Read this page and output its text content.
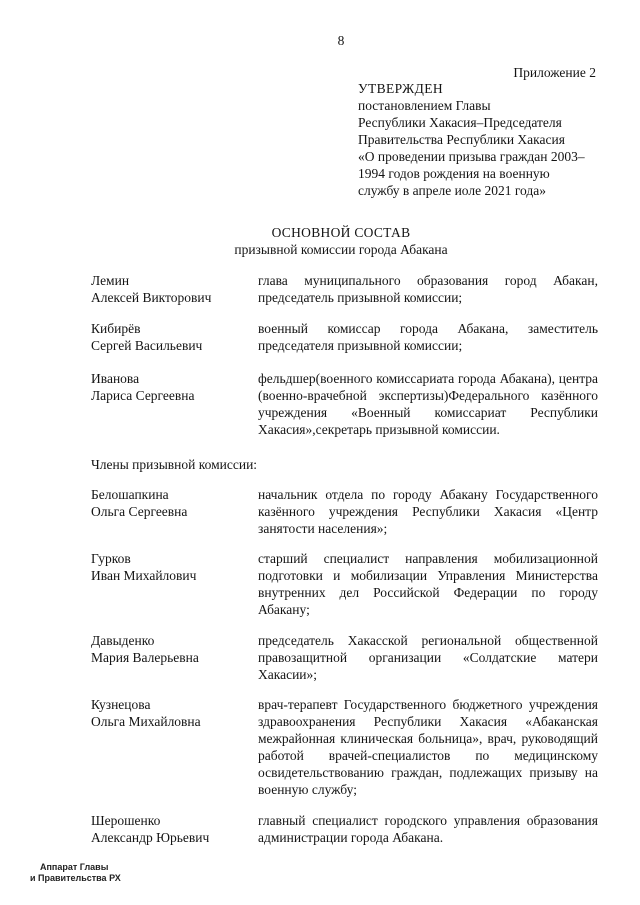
8
Приложение 2
УТВЕРЖДЕН
постановлением Главы
Республики Хакасия–Председателя
Правительства Республики Хакасия
«О проведении призыва граждан 2003–
1994 годов рождения на военную
службу в апреле иоле 2021 года»
ОСНОВНОЙ СОСТАВ
призывной комиссии города Абакана
Лемин
Алексей Викторович
глава муниципального образования город Абакан, председатель призывной комиссии;
Кибирёв
Сергей Васильевич
военный комиссар города Абакана, заместитель председателя призывной комиссии;
Иванова
Лариса Сергеевна
фельдшер(военного комиссариата города Абакана), центра (военно-врачебной экспертизы)Федерального казённого учреждения «Военный комиссариат Республики Хакасия»,секретарь призывной комиссии.
Члены призывной комиссии:
Белошапкина
Ольга Сергеевна
начальник отдела по городу Абакану Государственного казённого учреждения Республики Хакасия «Центр занятости населения»;
Гурков
Иван Михайлович
старший специалист направления мобилизационной подготовки и мобилизации Управления Министерства внутренних дел Российской Федерации по городу Абакану;
Давыденко
Мария Валерьевна
председатель Хакасской региональной общественной правозащитной организации «Солдатские матери Хакасии»;
Кузнецова
Ольга Михайловна
врач-терапевт Государственного бюджетного учреждения здравоохранения Республики Хакасия «Абаканская межрайонная клиническая больница», врач, руководящий работой врачей-специалистов по медицинскому освидетельствованию граждан, подлежащих призыву на военную службу;
Шерошенко
Александр Юрьевич
главный специалист городского управления образования администрации города Абакана.
Аппарат Главы
и Правительства РХ
